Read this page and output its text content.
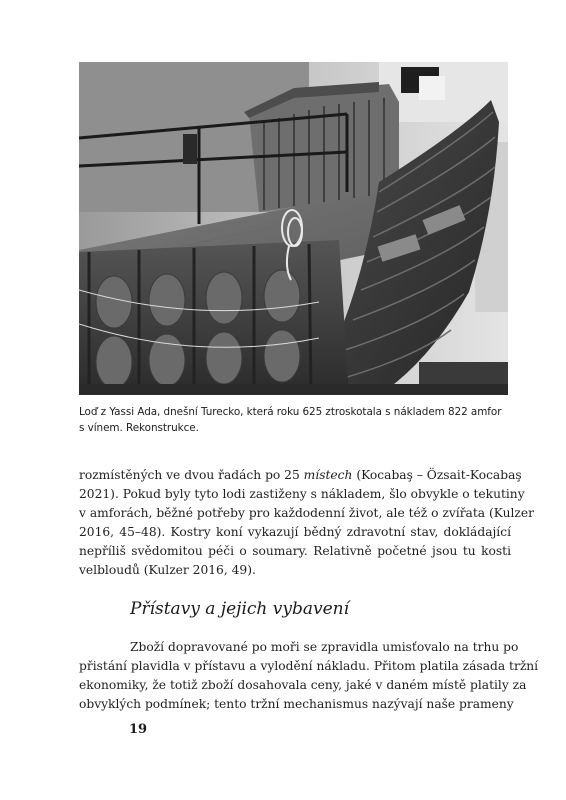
Loď z Yassi Ada, dnešní Turecko, která roku 625 ztroskotala s nákladem 822 amfor
s vínem. Rekonstrukce.

rozmístěných ve dvou řadách po 25 místech (Kocabaş – Özsait-Kocabaş
2021). Pokud byly tyto lodi zastiženy s nákladem, šlo obvykle o tekutiny
v amforách, běžné potřeby pro každodenní život, ale též o zvířata (Kulzer
2016, 45–48). Kostry koní vykazují bědný zdravotní stav, dokládající
nepříliš svědomitou péči o soumary. Relativně početné jsou tu kosti
velbloudů (Kulzer 2016, 49).
Přístavy a jejich vybavení
Zboží dopravované po moři se zpravidla umisťovalo na trhu po
přistání plavidla v přístavu a vylodění nákladu. Přitom platila zásada tržní
ekonomiky, že totiž zboží dosahovala ceny, jaké v daném místě platily za
obvyklých podmínek; tento tržní mechanismus nazývají naše prameny
19
